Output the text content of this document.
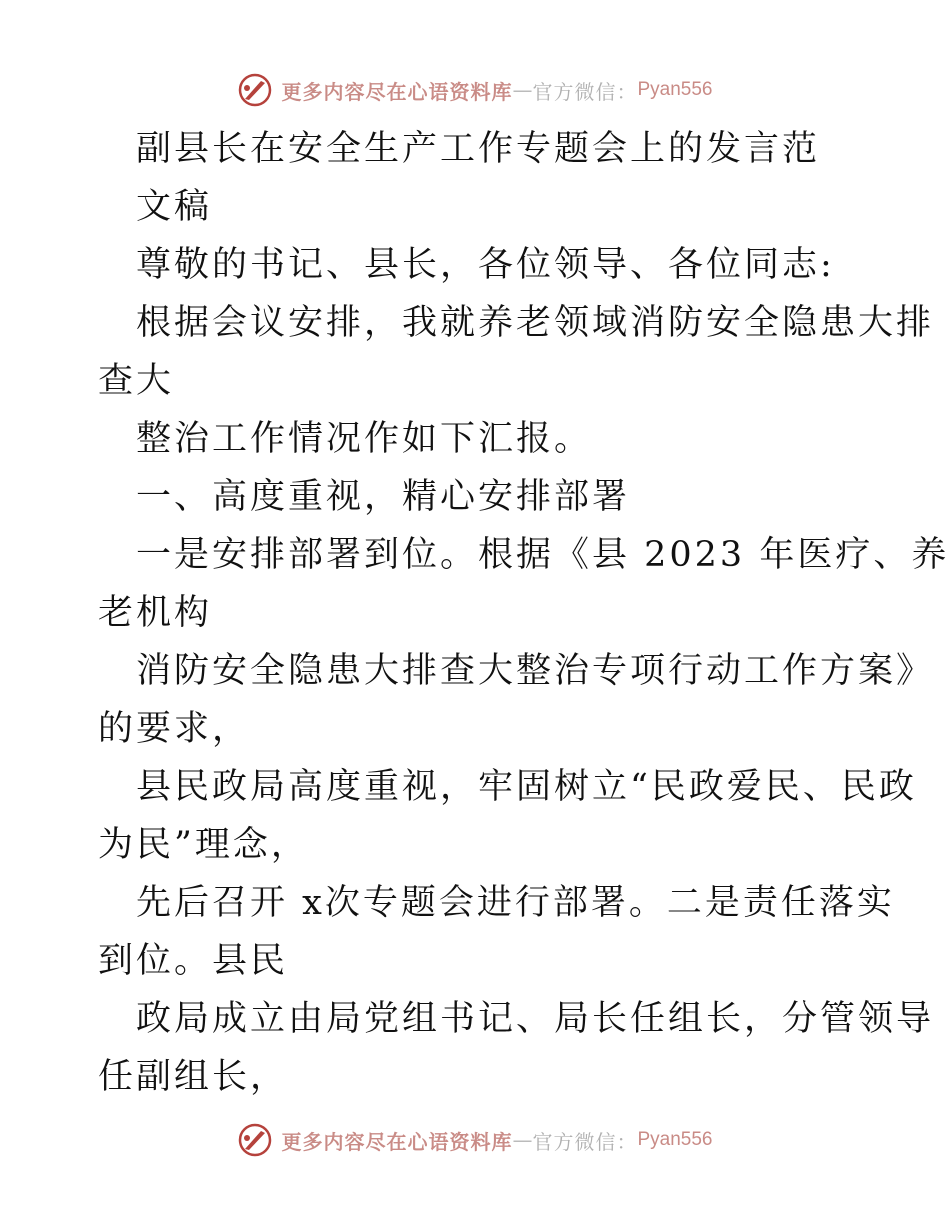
更多内容尽在心语资料库 — 官方微信： Pyan556
副县长在安全生产工作专题会上的发言范
文稿
尊敬的书记、县长，各位领导、各位同志:
根据会议安排，我就养老领域消防安全隐患大排
查大
整治工作情况作如下汇报。
一、高度重视，精心安排部署
一是安排部署到位。根据《县 2023 年医疗、养
老机构
消防安全隐患大排查大整治专项行动工作方案》
的要求，
县民政局高度重视，牢固树立“民政爱民、民政
为民”理念，
先后召开 x次专题会进行部署。二是责任落实
到位。县民
政局成立由局党组书记、局长任组长，分管领导
任副组长，
更多内容尽在心语资料库 — 官方微信： Pyan556
